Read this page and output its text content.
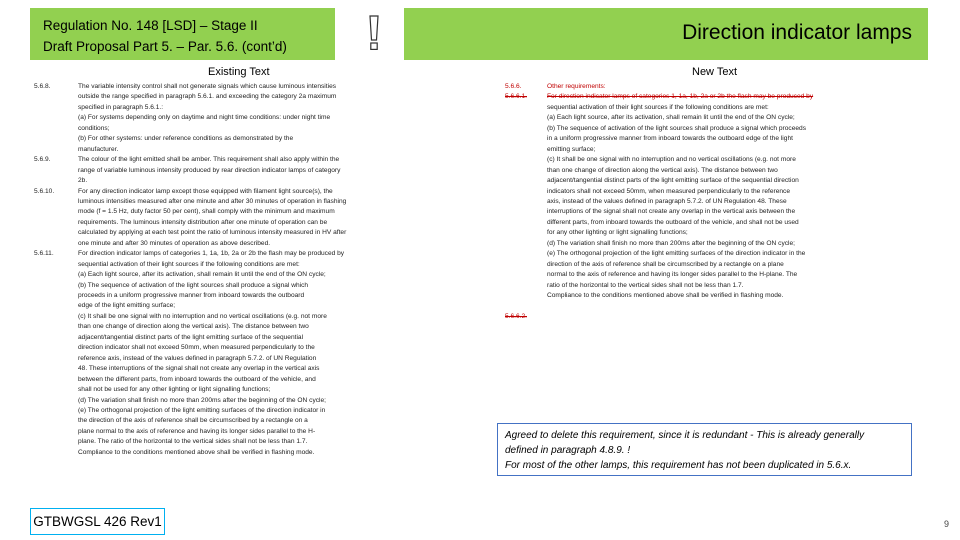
Regulation No. 148 [LSD] – Stage II
Draft Proposal Part 5. – Par. 5.6. (cont’d)
Direction indicator lamps
Existing Text	New Text
5.6.8.
5.6.9.
5.6.10.
5.6.11.
The variable intensity control shall not generate signals which cause luminous intensities
outside the range specified in paragraph 5.6.1. and exceeding the category 2a maximum
specified in paragraph 5.6.1.:
(a) For systems depending only on daytime and night time conditions: under night time
conditions;
(b) For other systems: under reference conditions as demonstrated by the
manufacturer.
The colour of the light emitted shall be amber. This requirement shall also apply within the
range of variable luminous intensity produced by rear direction indicator lamps of category
2b.
For any direction indicator lamp except those equipped with filament light source(s), the
luminous intensities measured after one minute and after 30 minutes of operation in flashing
mode (f = 1.5 Hz, duty factor 50 per cent), shall comply with the minimum and maximum
requirements. The luminous intensity distribution after one minute of operation can be
calculated by applying at each test point the ratio of luminous intensity measured in HV after
one minute and after 30 minutes of operation as above described.
For direction indicator lamps of categories 1, 1a, 1b, 2a or 2b the flash may be produced by
sequential activation of their light sources if the following conditions are met:
(a) Each light source, after its activation, shall remain lit until the end of the ON cycle;
(b) The sequence of activation of the light sources shall produce a signal which
proceeds in a uniform progressive manner from inboard towards the outboard
edge of the light emitting surface;
(c) It shall be one signal with no interruption and no vertical oscillations (e.g. not more
than one change of direction along the vertical axis). The distance between two
adjacent/tangential distinct parts of the light emitting surface of the sequential
direction indicator shall not exceed 50mm, when measured perpendicularly to the
reference axis, instead of the values defined in paragraph 5.7.2. of UN Regulation
48. These interruptions of the signal shall not create any overlap in the vertical axis
between the different parts, from inboard towards the outboard of the vehicle, and
shall not be used for any other lighting or light signalling functions;
(d) The variation shall finish no more than 200ms after the beginning of the ON cycle;
(e) The orthogonal projection of the light emitting surfaces of the direction indicator in
the direction of the axis of reference shall be circumscribed by a rectangle on a
plane normal to the axis of reference and having its longer sides parallel to the H-
plane. The ratio of the horizontal to the vertical sides shall not be less than 1.7.
Compliance to the conditions mentioned above shall be verified in flashing mode.
5.6.6.
5.6.6.1.
Other requirements:
For direction indicator lamps of categories 1, 1a, 1b, 2a or 2b the flash may be produced by
sequential activation of their light sources if the following conditions are met:
(a) Each light source, after its activation, shall remain lit until the end of the ON cycle;
(b) The sequence of activation of the light sources shall produce a signal which proceeds
in a uniform progressive manner from inboard towards the outboard edge of the light
emitting surface;
(c) It shall be one signal with no interruption and no vertical oscillations (e.g. not more
than one change of direction along the vertical axis). The distance between two
adjacent/tangential distinct parts of the light emitting surface of the sequential direction
indicators shall not exceed 50mm, when measured perpendicularly to the reference
axis, instead of the values defined in paragraph 5.7.2. of UN Regulation 48. These
interruptions of the signal shall not create any overlap in the vertical axis between the
different parts, from inboard towards the outboard of the vehicle, and shall not be used
for any other lighting or light signalling functions;
(d) The variation shall finish no more than 200ms after the beginning of the ON cycle;
(e) The orthogonal projection of the light emitting surfaces of the direction indicator in the
direction of the axis of reference shall be circumscribed by a rectangle on a plane
normal to the axis of reference and having its longer sides parallel to the H-plane. The
ratio of the horizontal to the vertical sides shall not be less than 1.7.
Compliance to the conditions mentioned above shall be verified in flashing mode.
5.6.6.2.

Agreed to delete this requirement, since it is redundant - This is already generally

defined in paragraph 4.8.9. !

For most of the other lamps, this requirement has not been duplicated in 5.6.x.

GTBWGSL 426 Rev1	9
